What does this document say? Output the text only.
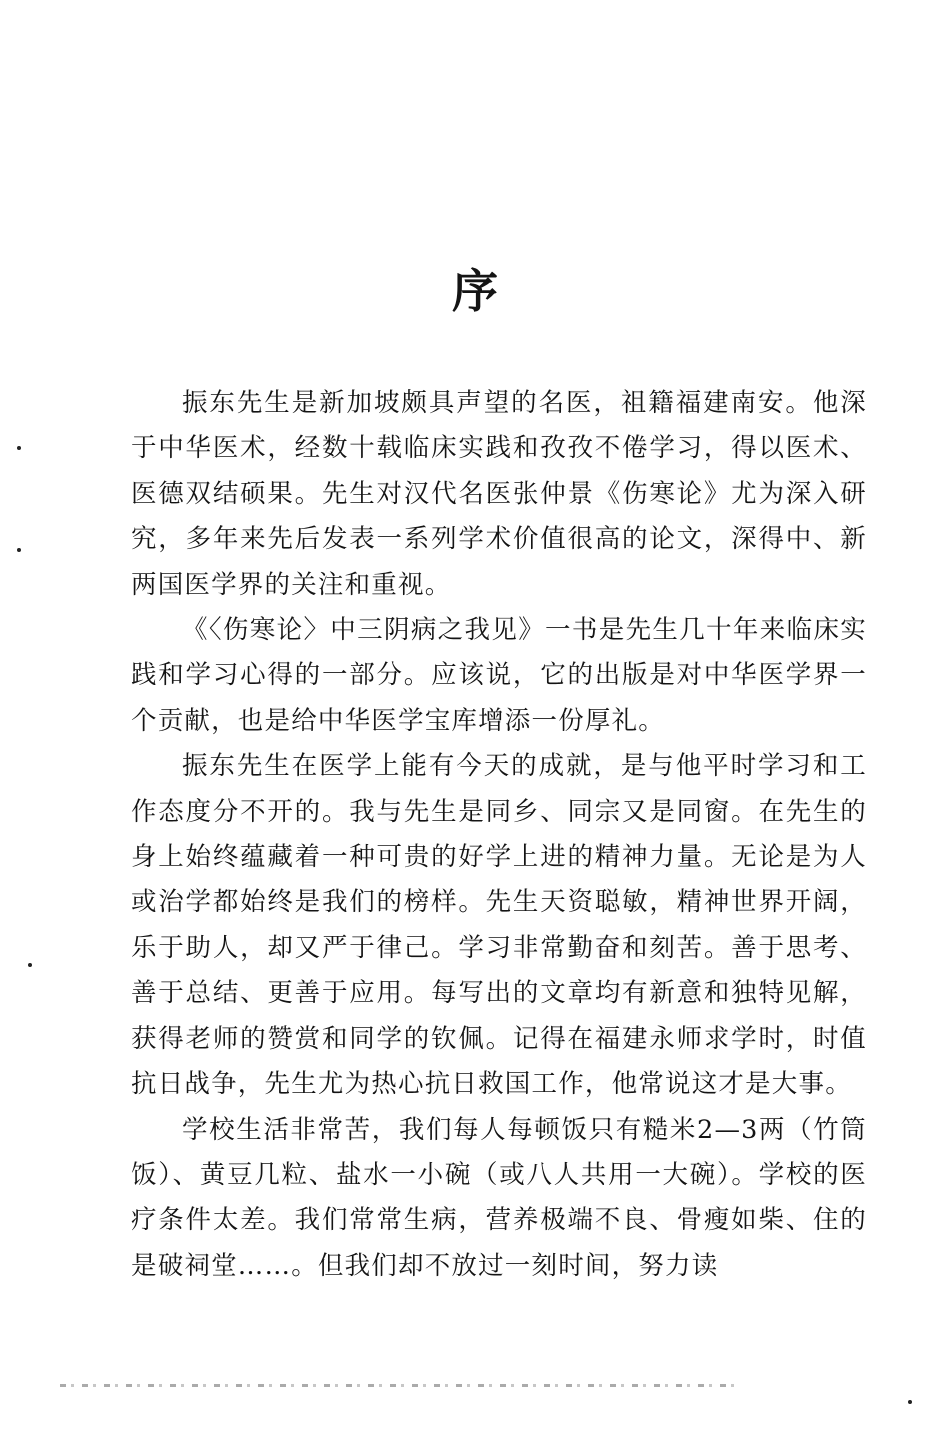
序

振东先生是新加坡颇具声望的名医，祖籍福建南安。他深于中华医术，经数十载临床实践和孜孜不倦学习，得以医术、医德双结硕果。先生对汉代名医张仲景《伤寒论》尤为深入研究，多年来先后发表一系列学术价值很高的论文，深得中、新两国医学界的关注和重视。

《〈伤寒论〉中三阴病之我见》一书是先生几十年来临床实践和学习心得的一部分。应该说，它的出版是对中华医学界一个贡献，也是给中华医学宝库增添一份厚礼。

振东先生在医学上能有今天的成就，是与他平时学习和工作态度分不开的。我与先生是同乡、同宗又是同窗。在先生的身上始终蕴藏着一种可贵的好学上进的精神力量。无论是为人或治学都始终是我们的榜样。先生天资聪敏，精神世界开阔，乐于助人，却又严于律己。学习非常勤奋和刻苦。善于思考、善于总结、更善于应用。每写出的文章均有新意和独特见解，获得老师的赞赏和同学的钦佩。记得在福建永师求学时，时值抗日战争，先生尤为热心抗日救国工作，他常说这才是大事。

学校生活非常苦，我们每人每顿饭只有糙米2—3两（竹筒饭）、黄豆几粒、盐水一小碗（或八人共用一大碗）。学校的医疗条件太差。我们常常生病，营养极端不良、骨瘦如柴、住的是破祠堂……。但我们却不放过一刻时间，努力读
